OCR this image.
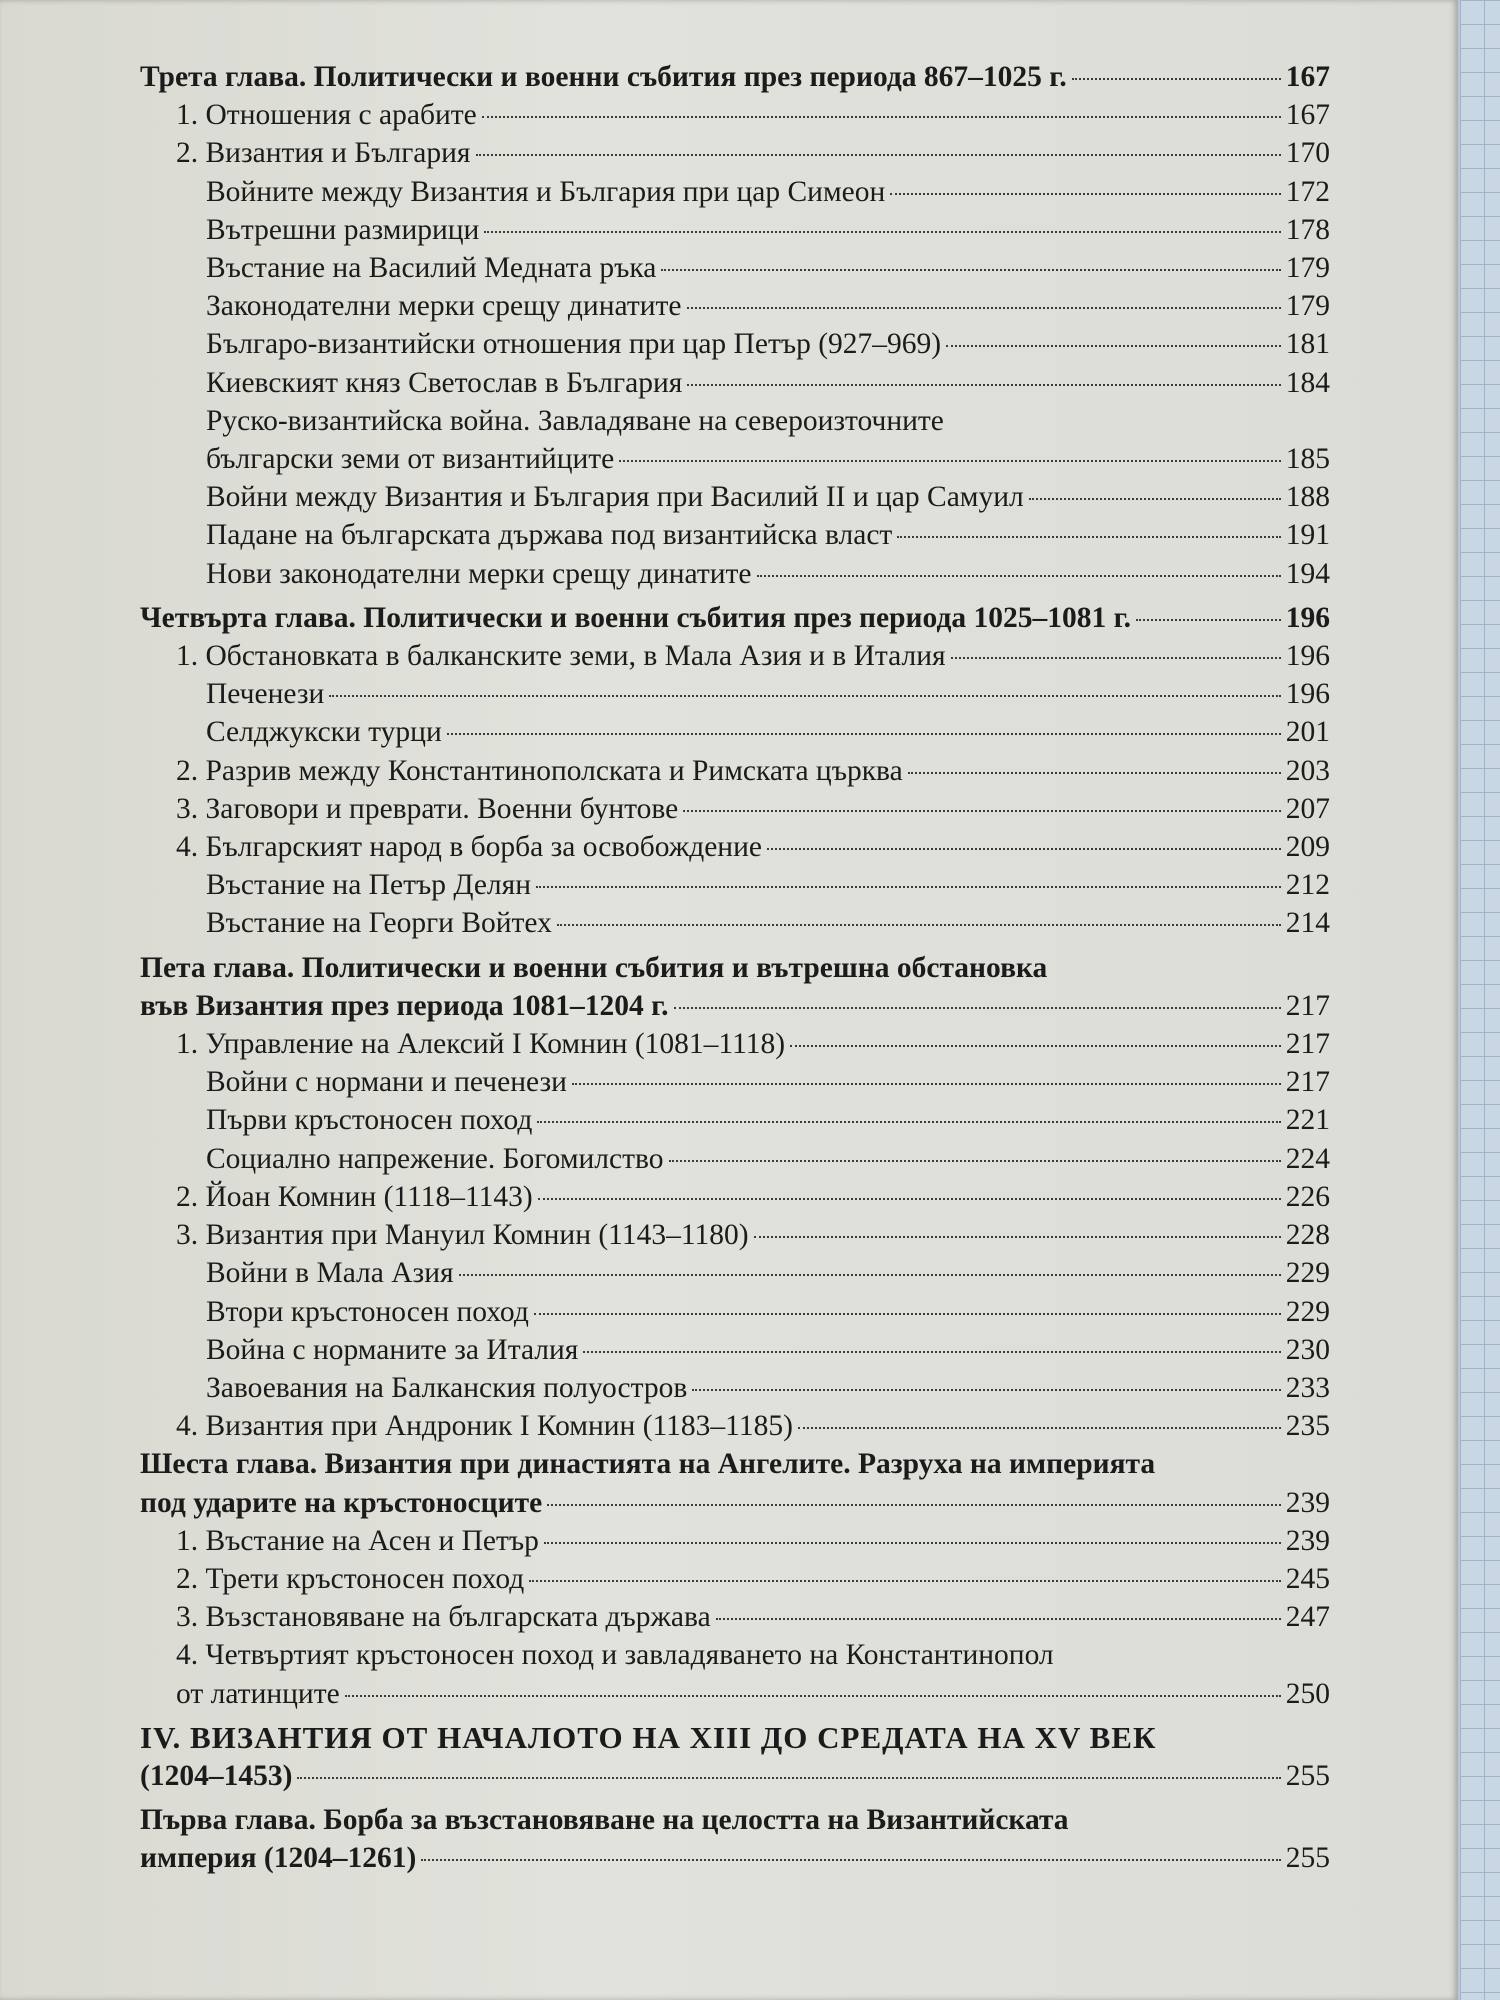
Трета глава. Политически и военни събития през периода 867–1025 г.	167
1. Отношения с арабите	167
2. Византия и България	170
Войните между Византия и България при цар Симеон	172
Вътрешни размирици	178
Въстание на Василий Медната ръка	179
Законодателни мерки срещу динатите	179
Българо-византийски отношения при цар Петър (927–969)	181
Киевският княз Светослав в България	184
Руско-византийска война. Завладяване на североизточните
български земи от византийците	185
Войни между Византия и България при Василий II и цар Самуил	188
Падане на българската държава под византийска власт	191
Нови законодателни мерки срещу динатите	194
Четвърта глава. Политически и военни събития през периода 1025–1081 г.	196
1. Обстановката в балканските земи, в Мала Азия и в Италия	196
Печенези	196
Селджукски турци	201
2. Разрив между Константинополската и Римската църква	203
3. Заговори и преврати. Военни бунтове	207
4. Българският народ в борба за освобождение	209
Въстание на Петър Делян	212
Въстание на Георги Войтех	214
Пета глава. Политически и военни събития и вътрешна обстановка
във Византия през периода 1081–1204 г.	217
1. Управление на Алексий I Комнин (1081–1118)	217
Войни с нормани и печенези	217
Първи кръстоносен поход	221
Социално напрежение. Богомилство	224
2. Йоан Комнин (1118–1143)	226
3. Византия при Мануил Комнин (1143–1180)	228
Войни в Мала Азия	229
Втори кръстоносен поход	229
Война с норманите за Италия	230
Завоевания на Балканския полуостров	233
4. Византия при Андроник I Комнин (1183–1185)	235
Шеста глава. Византия при династията на Ангелите. Разруха на империята
под ударите на кръстоносците	239
1. Въстание на Асен и Петър	239
2. Трети кръстоносен поход	245
3. Възстановяване на българската държава	247
4. Четвъртият кръстоносен поход и завладяването на Константинопол
от латинците	250
IV. ВИЗАНТИЯ ОТ НАЧАЛОТО НА XIII ДО СРЕДАТА НА XV ВЕК
(1204–1453)	255
Първа глава. Борба за възстановяване на целостта на Византийската
империя (1204–1261)	255
